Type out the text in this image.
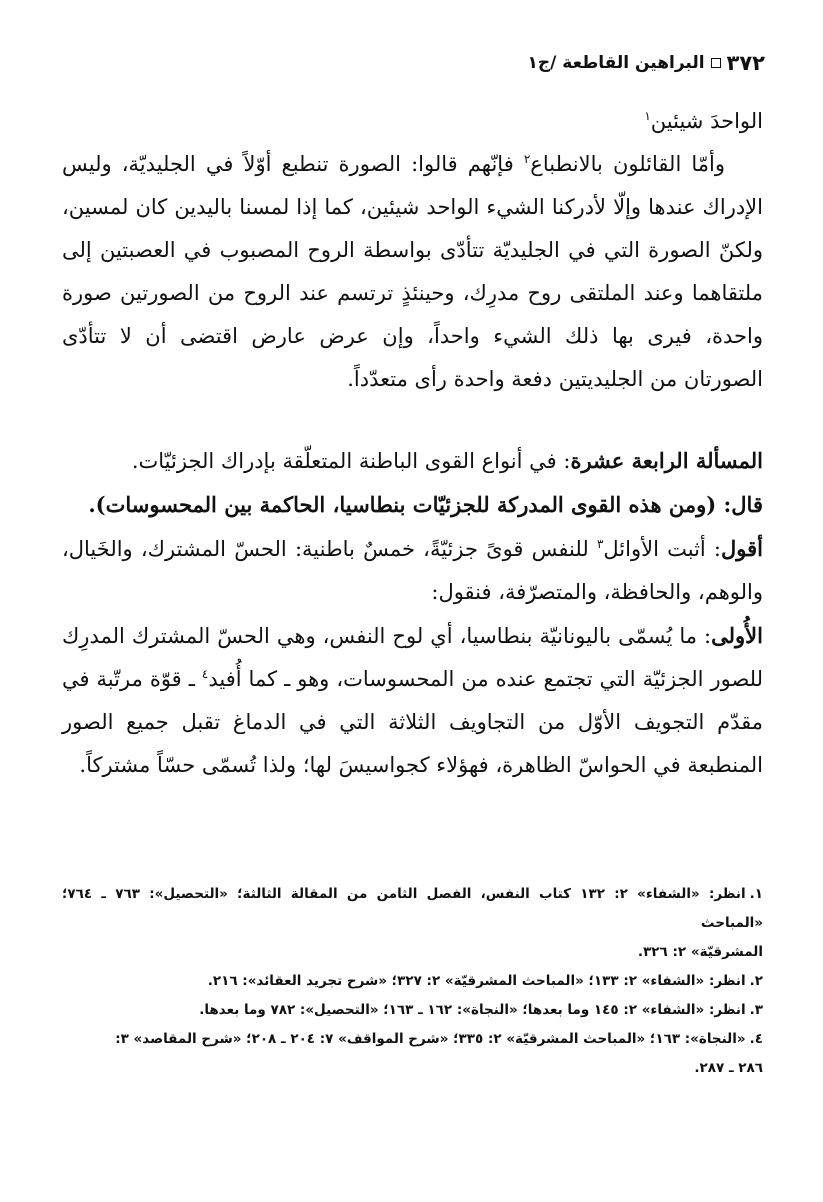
٣٧٢
البراهين القاطعة /ج١

الواحدَ شيئين$^١$

وأمّا القائلون بالانطباع$^٢$ فإنّهم قالوا: الصورة تنطبع أوّلاً في الجليديّة، وليس الإدراك عندها وإلّا لأدركنا الشيء الواحد شيئين، كما إذا لمسنا باليدين كان لمسين، ولكنّ الصورة التي في الجليديّة تتأدّى بواسطة الروح المصبوب في العصبتين إلى ملتقاهما وعند الملتقى روح مدرِك، وحينئذٍ ترتسم عند الروح من الصورتين صورة واحدة، فيرى بها ذلك الشيء واحداً، وإن عرض عارض اقتضى أن لا تتأدّى الصورتان من الجليديتين دفعة واحدة رأى متعدّداً.

المسألة الرابعة عشرة: في أنواع القوى الباطنة المتعلّقة بإدراك الجزئيّات.

قال: (ومن هذه القوى المدركة للجزئيّات بنطاسيا، الحاكمة بين المحسوسات).

أقول: أثبت الأوائل$^٣$ للنفس قوىً جزئيّةً، خمسٌ باطنية: الحسّ المشترك، والخَيال، والوهم، والحافظة، والمتصرّفة، فنقول:

الأُولى: ما يُسمّى باليونانيّة بنطاسيا، أي لوح النفس، وهي الحسّ المشترك المدرِك للصور الجزئيّة التي تجتمع عنده من المحسوسات، وهو ـ كما أُفيد$^٤$ ـ قوّة مرتّبة في مقدّم التجويف الأوّل من التجاويف الثلاثة التي في الدماغ تقبل جميع الصور المنطبعة في الحواسّ الظاهرة، فهؤلاء كجواسيسَ لها؛ ولذا تُسمّى حسّاً مشتركاً.

١.انظر: «الشفاء» ٢: ١٣٢ كتاب النفس، الفصل الثامن من المقالة الثالثة؛ «التحصيل»: ٧٦٣ ـ ٧٦٤؛ «المباحث

المشرقيّة» ٢: ٣٢٦.

٢.انظر: «الشفاء» ٢: ١٣٣؛ «المباحث المشرقيّة» ٢: ٣٢٧؛ «شرح تجريد العقائد»: ٢١٦.

٣.انظر: «الشفاء» ٢: ١٤٥ وما بعدها؛ «النجاة»: ١٦٢ ـ ١٦٣؛ «التحصيل»: ٧٨٢ وما بعدها.

٤.«النجاة»: ١٦٣؛ «المباحث المشرقيّة» ٢: ٣٣٥؛ «شرح المواقف» ٧: ٢٠٤ ـ ٢٠٨؛ «شرح المقاصد» ٣:

٢٨٦ ـ ٢٨٧.
